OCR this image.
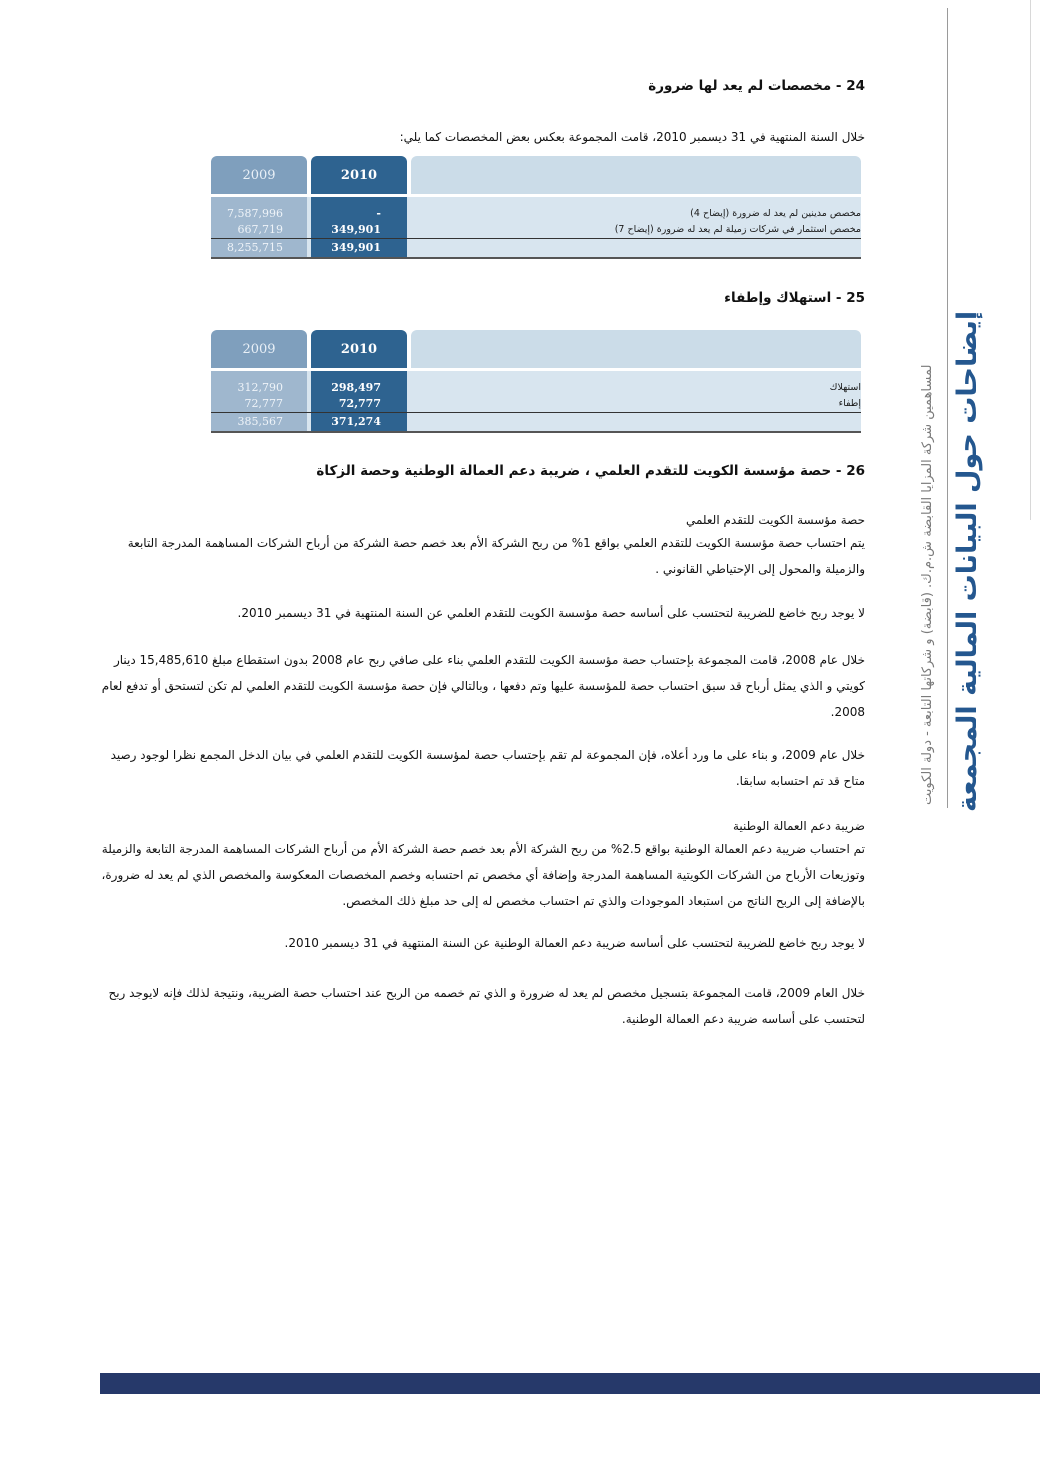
لمساهمين شركة المزايا القابضة ش.م.ك. (قابضة) و شركاتها التابعة - دولة الكويت إيضاحات حول البيانات المالية المجمعة
24 - مخصصات لم يعد لها ضرورة

خلال السنة المنتهية في 31 ديسمبر 2010، قامت المجموعة بعكس بعض المخصصات كما يلي:

2009	2010
7,587,996	-	مخصص مدينين لم يعد له ضرورة (إيضاح 4)
667,719	349,901	مخصص استثمار في شركات زميلة لم يعد له ضرورة (إيضاح 7)
8,255,715	349,901
25 - استهلاك وإطفاء
2009	2010
312,790	298,497	استهلاك
72,777	72,777	إطفاء
385,567	371,274
26 - حصة مؤسسة الكويت للتقدم العلمي ، ضريبة دعم العمالة الوطنية وحصة الزكاة

حصة مؤسسة الكويت للتقدم العلمي

يتم احتساب حصة مؤسسة الكويت للتقدم العلمي بواقع 1% من ربح الشركة الأم بعد خصم حصة الشركة من أرباح الشركات المساهمة المدرجة التابعة والزميلة والمحول إلى الإحتياطي القانوني .

لا يوجد ربح خاضع للضريبة لتحتسب على أساسه حصة مؤسسة الكويت للتقدم العلمي عن السنة المنتهية في 31 ديسمبر 2010.

خلال عام 2008، قامت المجموعة بإحتساب حصة مؤسسة الكويت للتقدم العلمي بناء على صافي ربح عام 2008 بدون استقطاع مبلغ 15,485,610 دينار كويتي و الذي يمثل أرباح قد سبق احتساب حصة للمؤسسة عليها وتم دفعها ، وبالتالي فإن حصة مؤسسة الكويت للتقدم العلمي لم تكن لتستحق أو تدفع لعام 2008.

خلال عام 2009، و بناء على ما ورد أعلاه، فإن المجموعة لم تقم بإحتساب حصة لمؤسسة الكويت للتقدم العلمي في بيان الدخل المجمع نظرا لوجود رصيد متاح قد تم احتسابه سابقا.

ضريبة دعم العمالة الوطنية

تم احتساب ضريبة دعم العمالة الوطنية بواقع 2.5% من ربح الشركة الأم بعد خصم حصة الشركة الأم من أرباح الشركات المساهمة المدرجة التابعة والزميلة وتوزيعات الأرباح من الشركات الكويتية المساهمة المدرجة وإضافة أي مخصص تم احتسابه وخصم المخصصات المعكوسة والمخصص الذي لم يعد له ضرورة، بالإضافة إلى الربح الناتج من استبعاد الموجودات والذي تم احتساب مخصص له إلى حد مبلغ ذلك المخصص.

لا يوجد ربح خاضع للضريبة لتحتسب على أساسه ضريبة دعم العمالة الوطنية عن السنة المنتهية في 31 ديسمبر 2010.

خلال العام 2009، قامت المجموعة بتسجيل مخصص لم يعد له ضرورة و الذي تم خصمه من الربح عند احتساب حصة الضريبة، ونتيجة لذلك فإنه لايوجد ربح لتحتسب على أساسه ضريبة دعم العمالة الوطنية.
